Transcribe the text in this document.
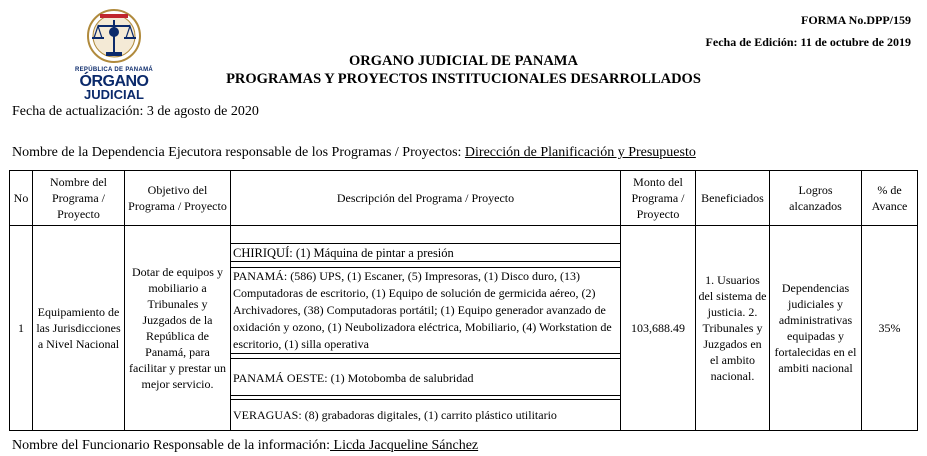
REPÚBLICA DE PANAMÁ
ÓRGANO
JUDICIAL
FORMA No.DPP/159
Fecha de Edición: 11 de octubre de 2019
ORGANO JUDICIAL DE PANAMA
PROGRAMAS Y PROYECTOS INSTITUCIONALES DESARROLLADOS
Fecha de actualización: 3 de agosto de 2020
Nombre de la Dependencia Ejecutora responsable de los Programas / Proyectos: Dirección de Planificación y Presupuesto
No	Nombre del Programa / Proyecto	Objetivo del Programa / Proyecto	Descripción del Programa / Proyecto	Monto del Programa / Proyecto	Beneficiados	Logros alcanzados	% de Avance
1	Equipamiento de las Jurisdicciones a Nivel Nacional	Dotar de equipos y mobiliario a Tribunales y Juzgados de la República de Panamá, para facilitar y prestar un mejor servicio.	CHIRIQUÍ: (1) Máquina de pintar a presión
PANAMÁ: (586) UPS, (1) Escaner, (5) Impresoras, (1) Disco duro, (13) Computadoras de escritorio, (1) Equipo de solución de germicida aéreo, (2) Archivadores, (38) Computadoras portátil; (1) Equipo generador avanzado de oxidación y ozono, (1) Neubolizadora eléctrica, Mobiliario, (4) Workstation de escritorio, (1) silla operativa
PANAMÁ OESTE: (1) Motobomba de salubridad
VERAGUAS: (8) grabadoras digitales, (1) carrito plástico utilitario	103,688.49	1. Usuarios del sistema de justicia. 2. Tribunales y Juzgados en el ambito nacional.	Dependencias judiciales y administrativas equipadas y fortalecidas en el ambiti nacional	35%
Nombre del Funcionario Responsable de la información: Licda Jacqueline Sánchez
